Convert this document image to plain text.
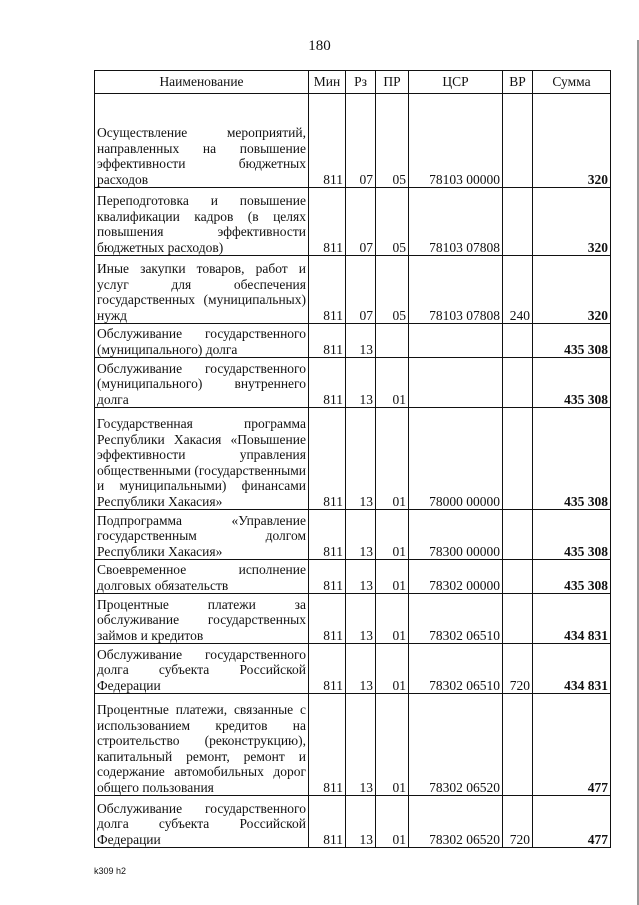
180
Наименование	Мин	Рз	ПР	ЦСР	ВР	Сумма
Осуществление мероприятий, направленных на повышение эффективности бюджетных расходов	811	07	05	78103 00000		320
Переподготовка и повышение квалификации кадров (в целях повышения эффективности бюджетных расходов)	811	07	05	78103 07808		320
Иные закупки товаров, работ и услуг для обеспечения государственных (муниципальных) нужд	811	07	05	78103 07808	240	320
Обслуживание государственного (муниципального) долга	811	13				435 308
Обслуживание государственного (муниципального) внутреннего долга	811	13	01			435 308
Государственная программа Республики Хакасия «Повышение эффективности управления общественными (государственными и муниципальными) финансами Республики Хакасия»	811	13	01	78000 00000		435 308
Подпрограмма «Управление государственным долгом Республики Хакасия»	811	13	01	78300 00000		435 308
Своевременное исполнение долговых обязательств	811	13	01	78302 00000		435 308
Процентные платежи за обслуживание государственных займов и кредитов	811	13	01	78302 06510		434 831
Обслуживание государственного долга субъекта Российской Федерации	811	13	01	78302 06510	720	434 831
Процентные платежи, связанные с использованием кредитов на строительство (реконструкцию), капитальный ремонт, ремонт и содержание автомобильных дорог общего пользования	811	13	01	78302 06520		477
Обслуживание государственного долга субъекта Российской Федерации	811	13	01	78302 06520	720	477
k309 h2
